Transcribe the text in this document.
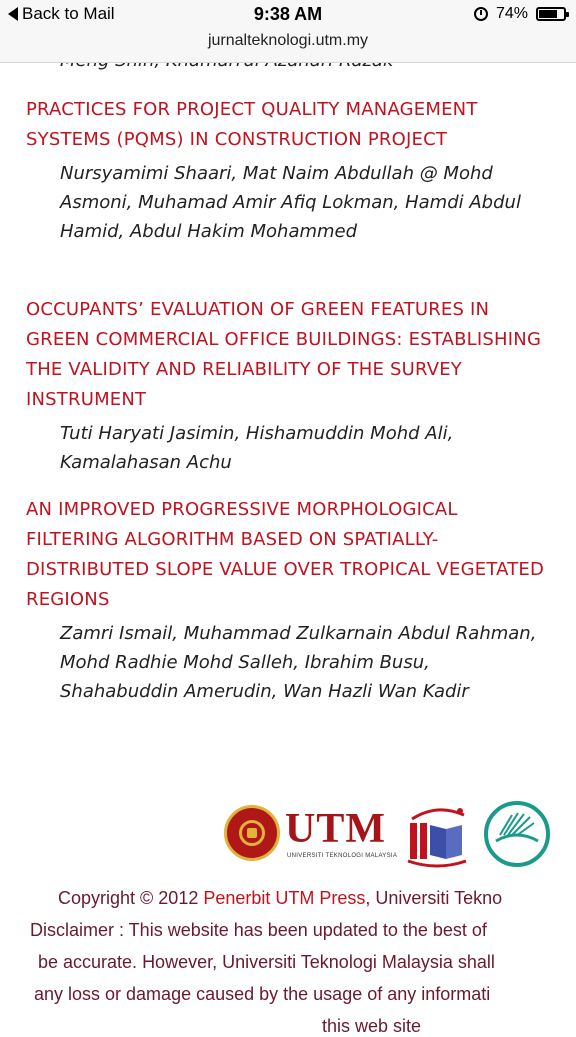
Back to Mail	9:38 AM	74%
jurnalteknologi.utm.my
PRACTICES FOR PROJECT QUALITY MANAGEMENT SYSTEMS (PQMS) IN CONSTRUCTION PROJECT
Nursyamimi Shaari, Mat Naim Abdullah @ Mohd Asmoni, Muhamad Amir Afiq Lokman, Hamdi Abdul Hamid, Abdul Hakim Mohammed
OCCUPANTS’ EVALUATION OF GREEN FEATURES IN GREEN COMMERCIAL OFFICE BUILDINGS: ESTABLISHING THE VALIDITY AND RELIABILITY OF THE SURVEY INSTRUMENT
Tuti Haryati Jasimin, Hishamuddin Mohd Ali, Kamalahasan Achu
AN IMPROVED PROGRESSIVE MORPHOLOGICAL FILTERING ALGORITHM BASED ON SPATIALLY-DISTRIBUTED SLOPE VALUE OVER TROPICAL VEGETATED REGIONS
Zamri Ismail, Muhammad Zulkarnain Abdul Rahman, Mohd Radhie Mohd Salleh, Ibrahim Busu, Shahabuddin Amerudin, Wan Hazli Wan Kadir
UTM
UNIVERSITI TEKNOLOGI MALAYSIA
Copyright © 2012 Penerbit UTM Press, Universiti Tekno
Disclaimer : This website has been updated to the best of
be accurate. However, Universiti Teknologi Malaysia shall
any loss or damage caused by the usage of any informati
this web site
